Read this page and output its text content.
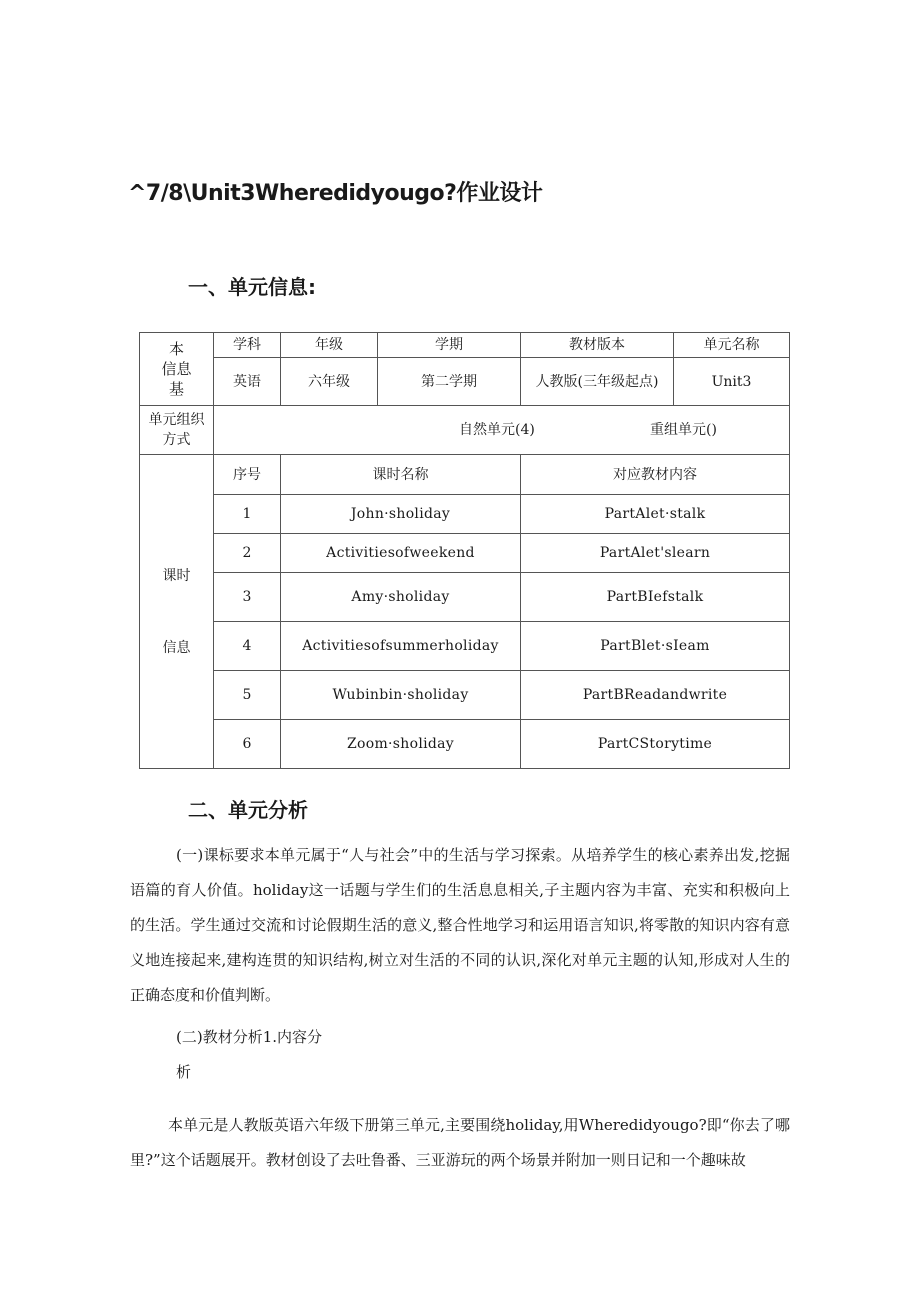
^7/8\Unit3Wheredidyougo?作业设计
一、单元信息:
本
信息
基	学科	年级	学期	教材版本	单元名称
	英语	六年级	第二学期	人教版(三年级起点)	Unit3
单元组织方式	自然单元(4) 重组单元()				

课时
信息	序号	课时名称		对应教材内容	
	1	John·sholiday		PartAlet·stalk	
	2	Activitiesofweekend		PartAlet'slearn	
	3	Amy·sholiday		PartBIefstalk	
	4	Activitiesofsummerholiday		PartBlet·sIeam	
	5	Wubinbin·sholiday		PartBReadandwrite	
	6	Zoom·sholiday		PartCStorytime	
二、单元分析
(一)课标要求本单元属于“人与社会”中的生活与学习探索。从培养学生的核心素养出发,挖掘语篇的育人价值。holiday这一话题与学生们的生活息息相关,子主题内容为丰富、充实和积极向上的生活。学生通过交流和讨论假期生活的意义,整合性地学习和运用语言知识,将零散的知识内容有意义地连接起来,建构连贯的知识结构,树立对生活的不同的认识,深化对单元主题的认知,形成对人生的正确态度和价值判断。
(二)教材分析1.内容分
析
本单元是人教版英语六年级下册第三单元,主要围绕holiday,用Wheredidyougo?即“你去了哪里?”这个话题展开。教材创设了去吐鲁番、三亚游玩的两个场景并附加一则日记和一个趣味故
